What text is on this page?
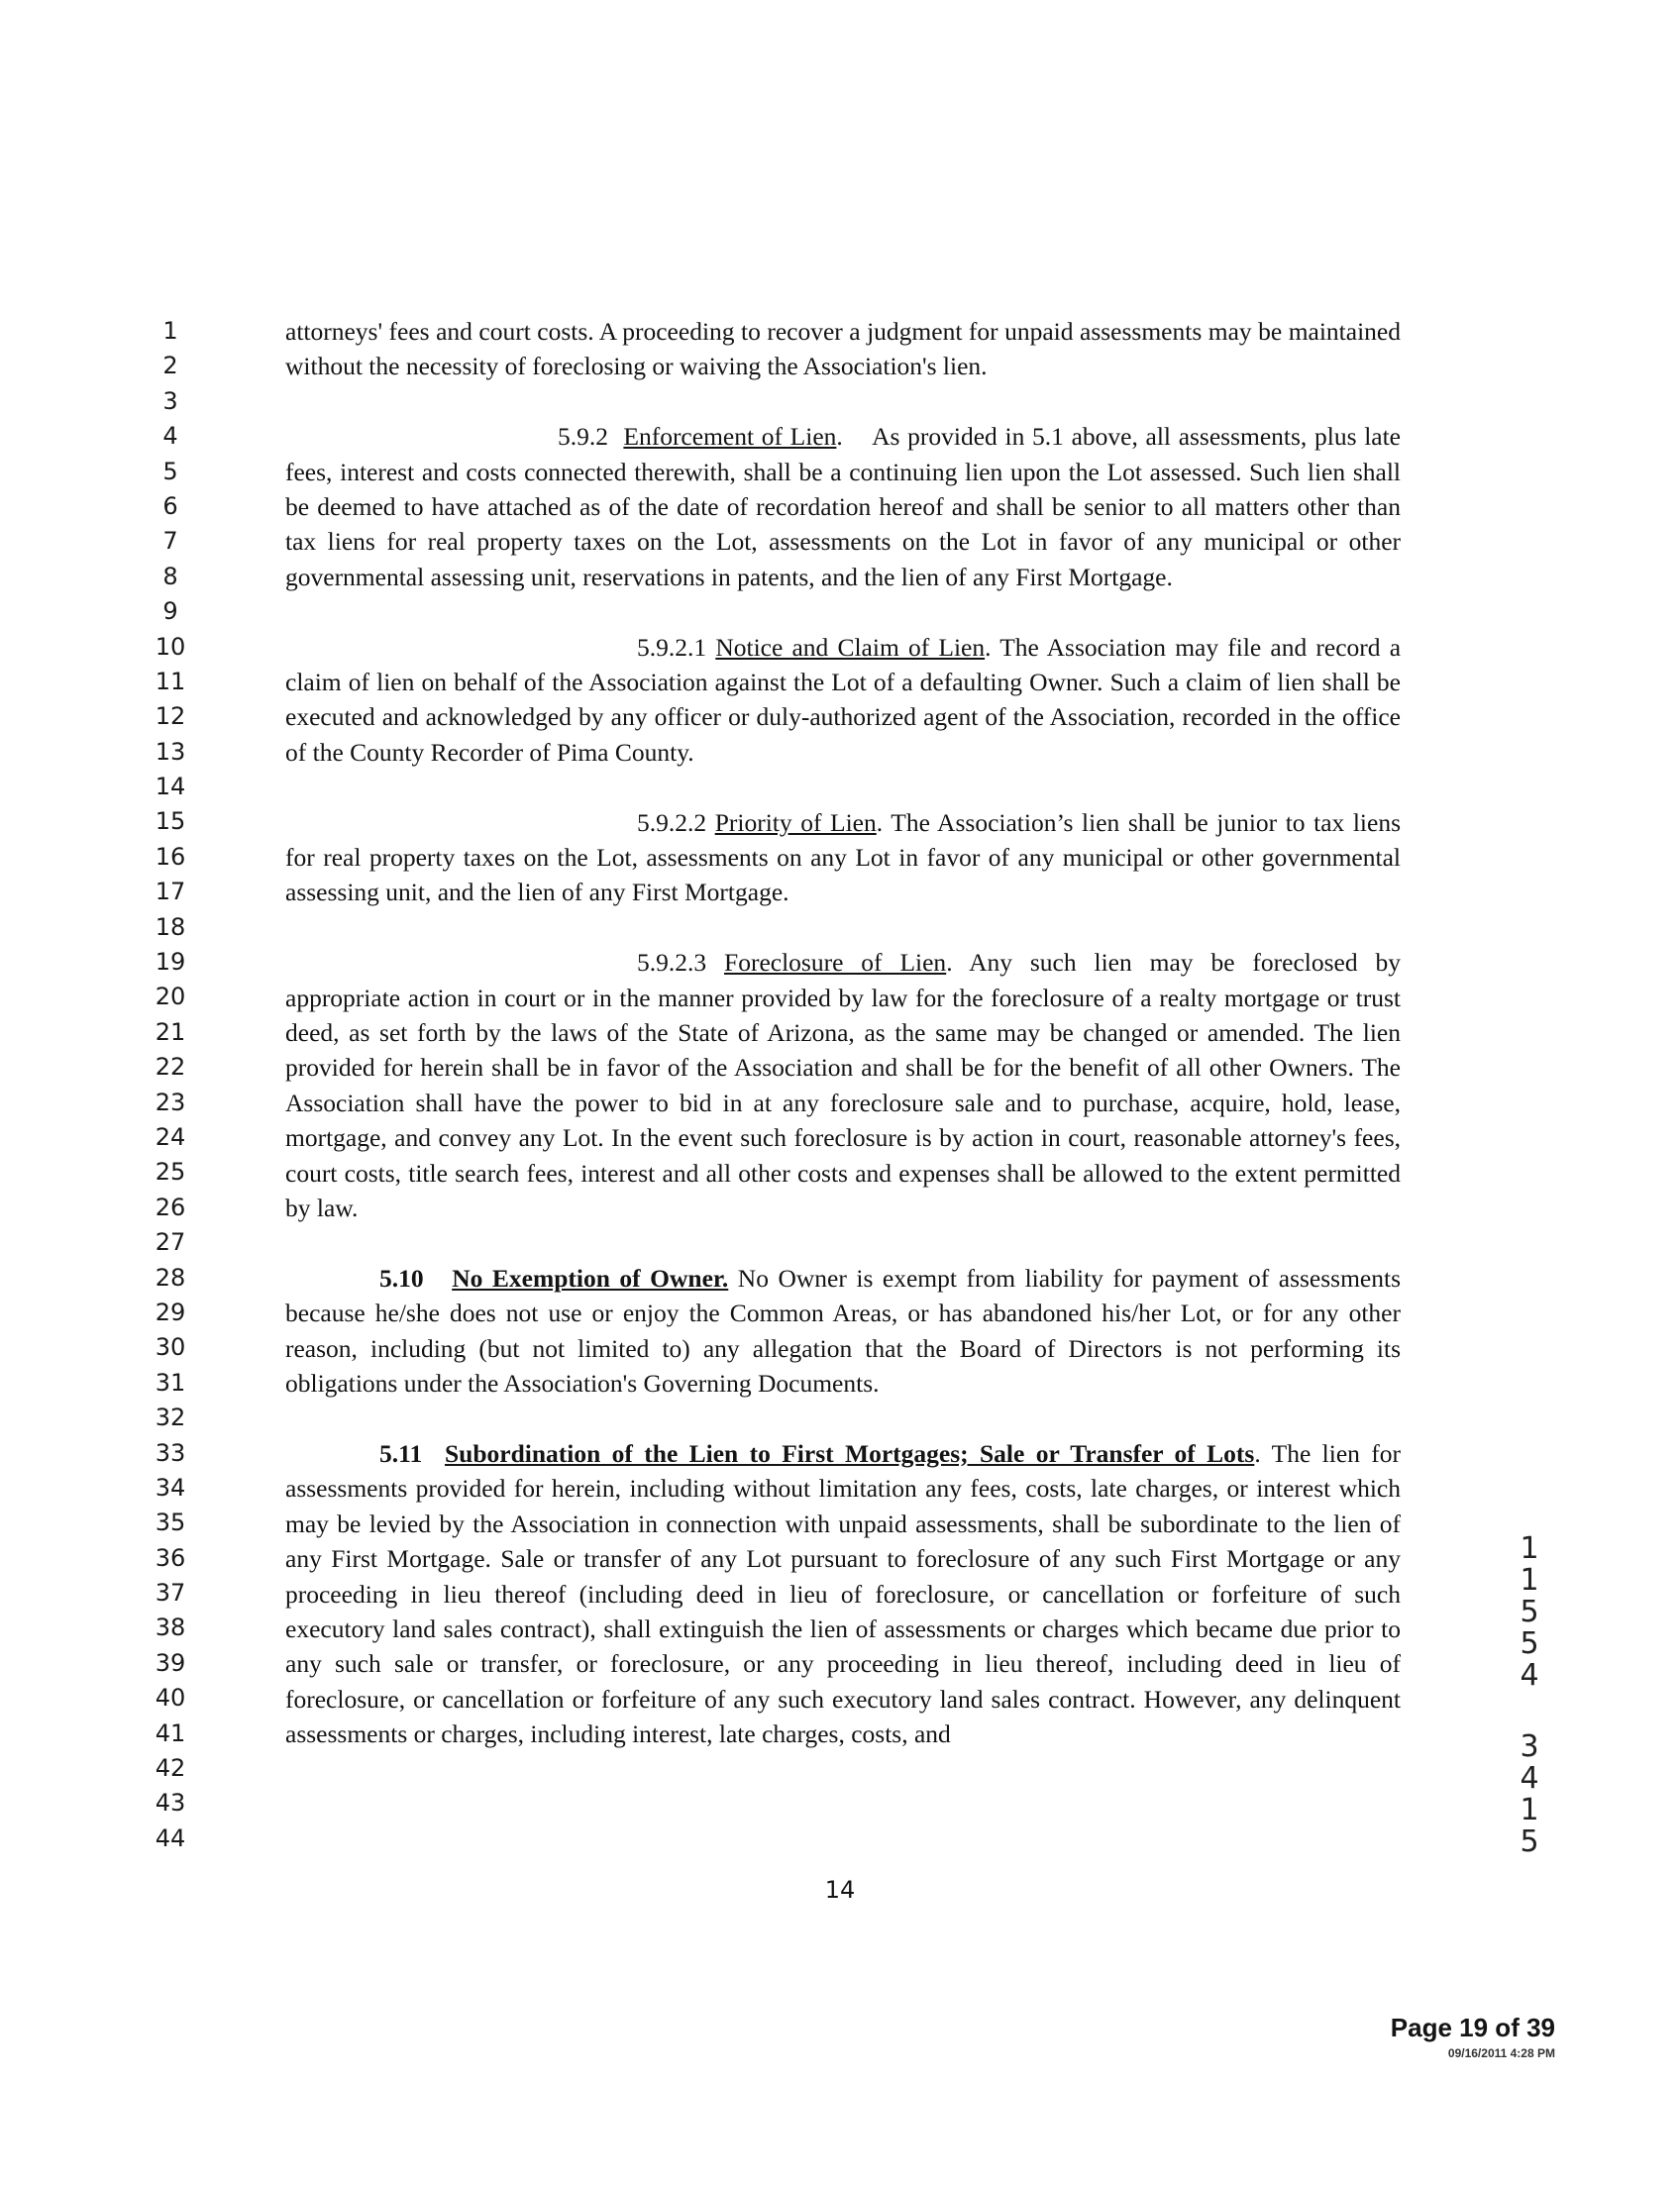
1
2
3
4
5
6
7
8
9
10
11
12
13
14
15
16
17
18
19
20
21
22
23
24
25
26
27
28
29
30
31
32
33
34
35
36
37
38
39
40
41
42
43
44

attorneys' fees and court costs. A proceeding to recover a judgment for unpaid assessments may be maintained without the necessity of foreclosing or waiving the Association's lien.

5.9.2 Enforcement of Lien.    As provided in 5.1 above, all assessments, plus late fees, interest and costs connected therewith, shall be a continuing lien upon the Lot assessed. Such lien shall be deemed to have attached as of the date of recordation hereof and shall be senior to all matters other than tax liens for real property taxes on the Lot, assessments on the Lot in favor of any municipal or other governmental assessing unit, reservations in patents, and the lien of any First Mortgage.

5.9.2.1 Notice and Claim of Lien. The Association may file and record a claim of lien on behalf of the Association against the Lot of a defaulting Owner. Such a claim of lien shall be executed and acknowledged by any officer or duly-authorized agent of the Association, recorded in the office of the County Recorder of Pima County.

5.9.2.2 Priority of Lien. The Association’s lien shall be junior to tax liens for real property taxes on the Lot, assessments on any Lot in favor of any municipal or other governmental assessing unit, and the lien of any First Mortgage.

5.9.2.3 Foreclosure of Lien. Any such lien may be foreclosed by appropriate action in court or in the manner provided by law for the foreclosure of a realty mortgage or trust deed, as set forth by the laws of the State of Arizona, as the same may be changed or amended. The lien provided for herein shall be in favor of the Association and shall be for the benefit of all other Owners. The Association shall have the power to bid in at any foreclosure sale and to purchase, acquire, hold, lease, mortgage, and convey any Lot. In the event such foreclosure is by action in court, reasonable attorney's fees, court costs, title search fees, interest and all other costs and expenses shall be allowed to the extent permitted by law.

5.10 No Exemption of Owner. No Owner is exempt from liability for payment of assessments because he/she does not use or enjoy the Common Areas, or has abandoned his/her Lot, or for any other reason, including (but not limited to) any allegation that the Board of Directors is not performing its obligations under the Association's Governing Documents.

5.11 Subordination of the Lien to First Mortgages; Sale or Transfer of Lots. The lien for assessments provided for herein, including without limitation any fees, costs, late charges, or interest which may be levied by the Association in connection with unpaid assessments, shall be subordinate to the lien of any First Mortgage. Sale or transfer of any Lot pursuant to foreclosure of any such First Mortgage or any proceeding in lieu thereof (including deed in lieu of foreclosure, or cancellation or forfeiture of such executory land sales contract), shall extinguish the lien of assessments or charges which became due prior to any such sale or transfer, or foreclosure, or any proceeding in lieu thereof, including deed in lieu of foreclosure, or cancellation or forfeiture of any such executory land sales contract. However, any delinquent assessments or charges, including interest, late charges, costs, and

14
1
1
5
5
4
3
4
1
5
Page 19 of 39
09/16/2011 4:28 PM
